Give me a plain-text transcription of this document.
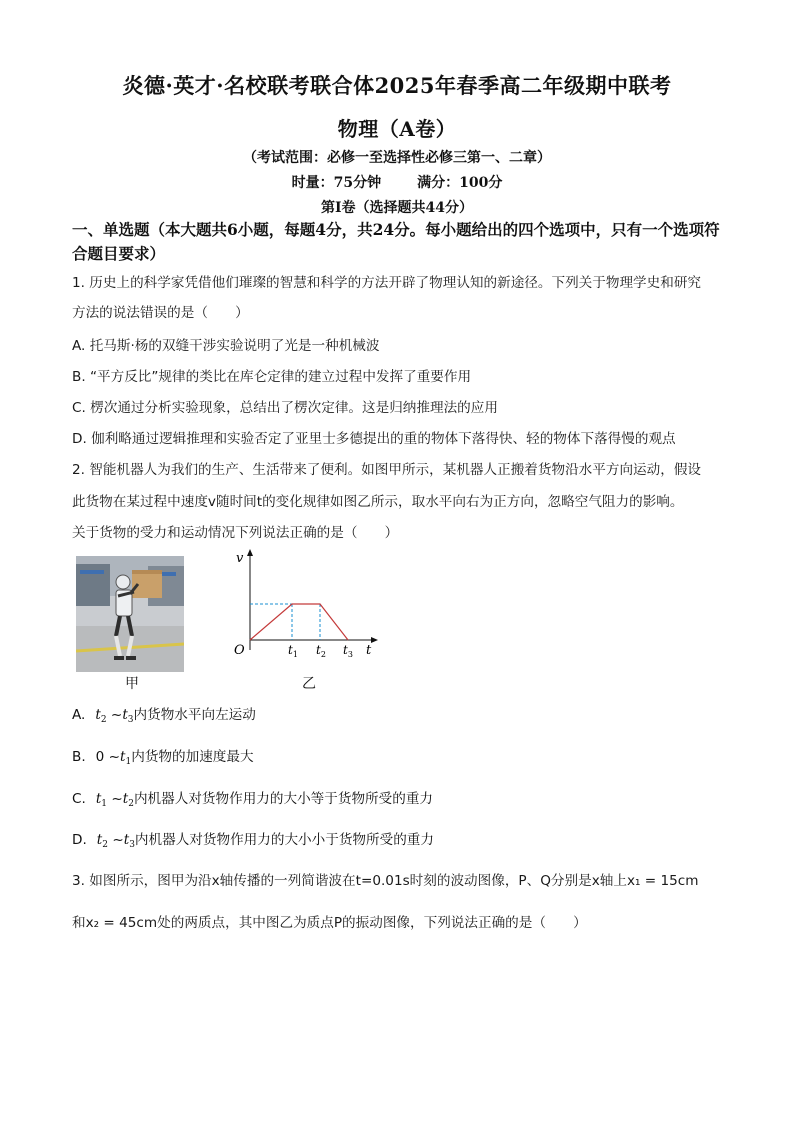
炎德·英才·名校联考联合体2025年春季高二年级期中联考
物理（A卷）
（考试范围：必修一至选择性必修三第一、二章）
时量：75分钟	满分：100分
第Ⅰ卷（选择题共44分）
一、单选题（本大题共6小题，每题4分，共24分。每小题给出的四个选项中，只有一个选项符合题目要求）
1. 历史上的科学家凭借他们璀璨的智慧和科学的方法开辟了物理认知的新途径。下列关于物理学史和研究
方法的说法错误的是（　　）
A. 托马斯·杨的双缝干涉实验说明了光是一种机械波
B. “平方反比”规律的类比在库仑定律的建立过程中发挥了重要作用
C. 楞次通过分析实验现象，总结出了楞次定律。这是归纳推理法的应用
D. 伽利略通过逻辑推理和实验否定了亚里士多德提出的重的物体下落得快、轻的物体下落得慢的观点
2. 智能机器人为我们的生产、生活带来了便利。如图甲所示，某机器人正搬着货物沿水平方向运动，假设
此货物在某过程中速度v随时间t的变化规律如图乙所示，取水平向右为正方向，忽略空气阻力的影响。
关于货物的受力和运动情况下列说法正确的是（　　）
v
O	$t_1$ $t_2$ $t_3$ t
甲	乙
A. $t_2$ $\sim t_3$内货物水平向左运动
B. 0 $\sim t_1$内货物的加速度最大
C. $t_1$ $\sim t_2$内机器人对货物作用力的大小等于货物所受的重力
D. $t_2$ $\sim t_3$内机器人对货物作用力的大小小于货物所受的重力
3. 如图所示，图甲为沿x轴传播的一列简谐波在t=0.01s时刻的波动图像，P、Q分别是x轴上x₁ = 15cm
和x₂ = 45cm处的两质点，其中图乙为质点P的振动图像，下列说法正确的是（　　）
